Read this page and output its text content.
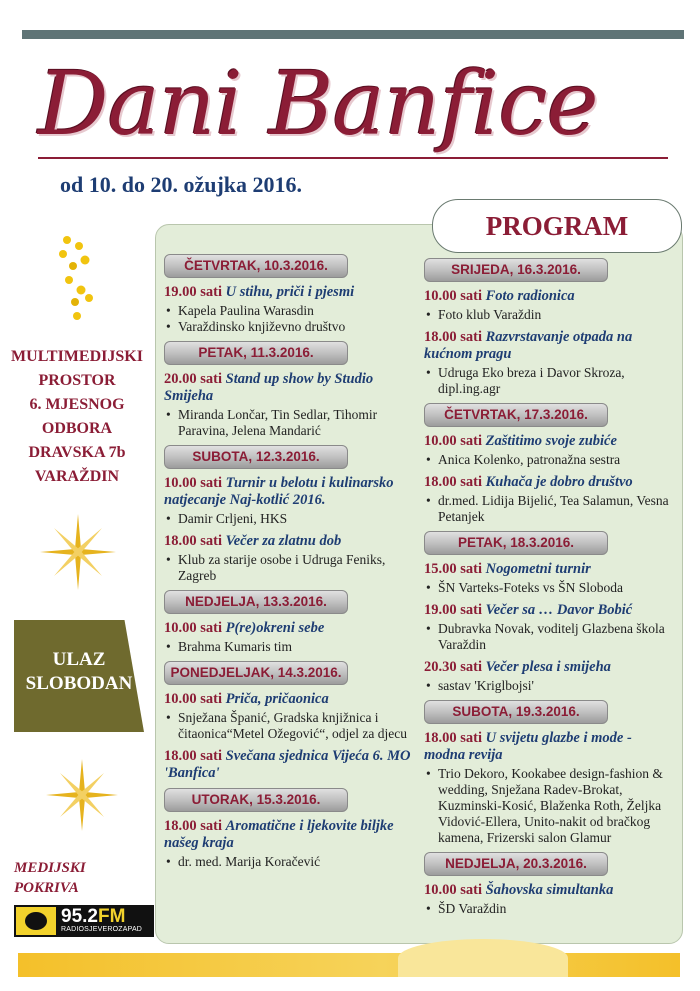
Dani Banfice
od 10. do 20. ožujka 2016.
MULTIMEDIJSKI
PROSTOR
6. MJESNOG
ODBORA
DRAVSKA 7b
VARAŽDIN
ULAZ
SLOBODAN
MEDIJSKI
POKRIVA
95.2FM
RADIOSJEVEROZAPAD
PROGRAM
ČETVRTAK, 10.3.2016.

19.00 sati U stihu, priči i pjesmi

• Kapela Paulina Warasdin
• Varaždinsko književno društvo
PETAK, 11.3.2016.

20.00 sati Stand up show by Studio Smijeha

• Miranda Lončar, Tin Sedlar, Tihomir Paravina, Jelena Mandarić
SUBOTA, 12.3.2016.

10.00 sati Turnir u belotu i kulinarsko natjecanje Naj-kotlić 2016.

• Damir Crljeni, HKS

18.00 sati Večer za zlatnu dob

• Klub za starije osobe i Udruga Feniks, Zagreb
NEDJELJA, 13.3.2016.

10.00 sati P(re)okreni sebe

• Brahma Kumaris tim
PONEDJELJAK, 14.3.2016.

10.00 sati Priča, pričaonica

• Snježana Španić, Gradska knjižnica i čitaonica“Metel Ožegović“, odjel za djecu

18.00 sati Svečana sjednica Vijeća 6. MO 'Banfica'

UTORAK, 15.3.2016.

18.00 sati Aromatične i ljekovite biljke našeg kraja

• dr. med. Marija Koračević
SRIJEDA, 16.3.2016.

10.00 sati Foto radionica

• Foto klub Varaždin

18.00 sati Razvrstavanje otpada na kućnom pragu

• Udruga Eko breza i Davor Skroza, dipl.ing.agr
ČETVRTAK, 17.3.2016.

10.00 sati Zaštitimo svoje zubiće

• Anica Kolenko, patronažna sestra

18.00 sati Kuhača je dobro društvo

• dr.med. Lidija Bijelić, Tea Salamun, Vesna Petanjek
PETAK, 18.3.2016.

15.00 sati Nogometni turnir

• ŠN Varteks-Foteks vs ŠN Sloboda

19.00 sati Večer sa … Davor Bobić

• Dubravka Novak, voditelj Glazbena škola Varaždin

20.30 sati Večer plesa i smijeha

• sastav 'Kriglbojsi'
SUBOTA, 19.3.2016.

18.00 sati U svijetu glazbe i mode - modna revija

• Trio Dekoro, Kookabee design-fashion & wedding, Snježana Radev-Brokat, Kuzminski-Kosić, Blaženka Roth, Željka Vidović-Ellera, Unito-nakit od bračkog kamena, Frizerski salon Glamur
NEDJELJA, 20.3.2016.

10.00 sati Šahovska simultanka

• ŠD Varaždin
